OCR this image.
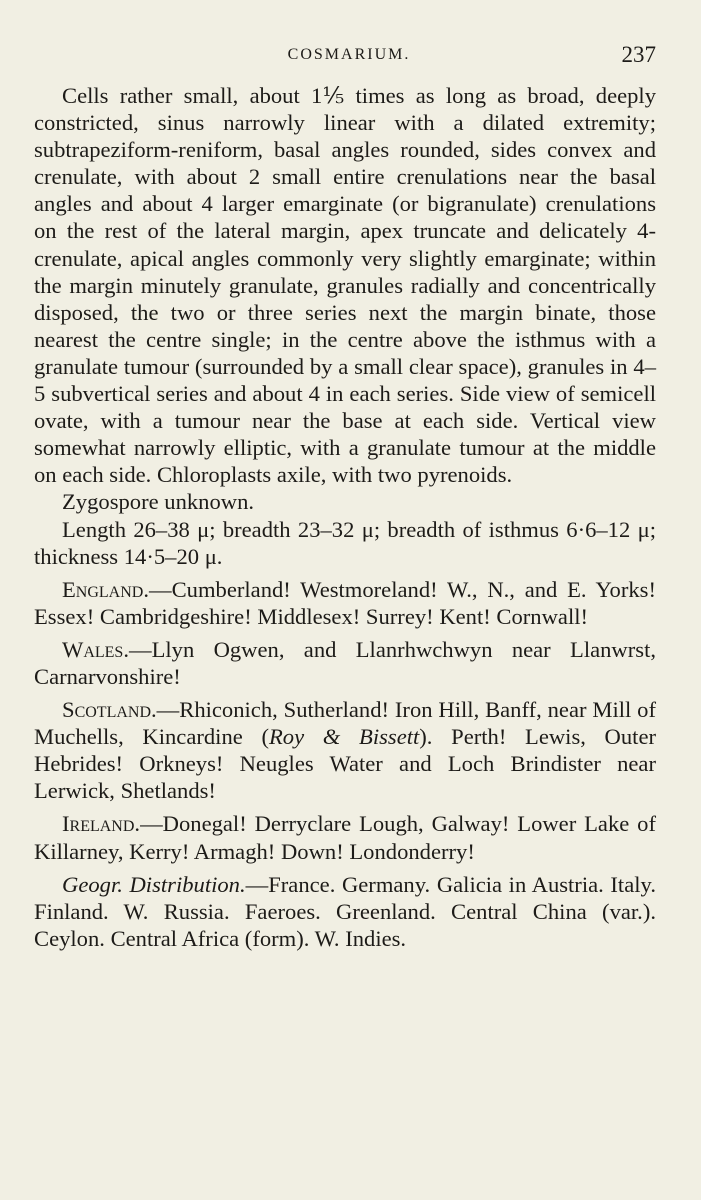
COSMARIUM.	237

Cells rather small, about 1⅕ times as long as broad, deeply constricted, sinus narrowly linear with a dilated extremity; subtrapeziform-reniform, basal angles rounded, sides convex and crenulate, with about 2 small entire crenulations near the basal angles and about 4 larger emarginate (or bigranulate) crenulations on the rest of the lateral margin, apex truncate and delicately 4-crenulate, apical angles commonly very slightly emarginate; within the margin minutely granulate, granules radially and concentrically disposed, the two or three series next the margin binate, those nearest the centre single; in the centre above the isthmus with a granulate tumour (surrounded by a small clear space), granules in 4–5 subvertical series and about 4 in each series. Side view of semicell ovate, with a tumour near the base at each side. Vertical view somewhat narrowly elliptic, with a granulate tumour at the middle on each side. Chloroplasts axile, with two pyrenoids.

Zygospore unknown.

Length 26–38 μ; breadth 23–32 μ; breadth of isthmus 6·6–12 μ; thickness 14·5–20 μ.

England.—Cumberland! Westmoreland! W., N., and E. Yorks! Essex! Cambridgeshire! Middlesex! Surrey! Kent! Cornwall!

Wales.—Llyn Ogwen, and Llanrhwchwyn near Llanwrst, Carnarvonshire!

Scotland.—Rhiconich, Sutherland! Iron Hill, Banff, near Mill of Muchells, Kincardine (Roy & Bissett). Perth! Lewis, Outer Hebrides! Orkneys! Neugles Water and Loch Brindister near Lerwick, Shetlands!

Ireland.—Donegal! Derryclare Lough, Galway! Lower Lake of Killarney, Kerry! Armagh! Down! Londonderry!

Geogr. Distribution.—France. Germany. Galicia in Austria. Italy. Finland. W. Russia. Faeroes. Greenland. Central China (var.). Ceylon. Central Africa (form). W. Indies.
